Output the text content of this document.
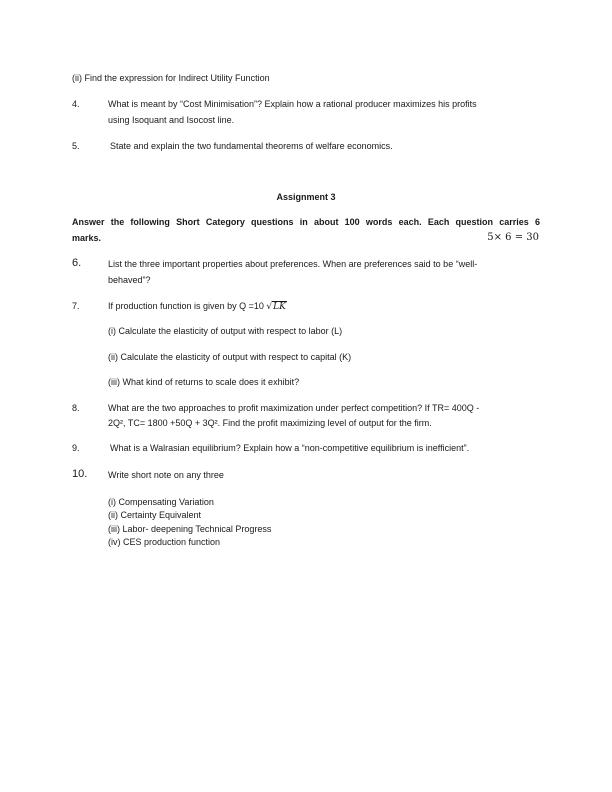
(ii) Find the expression for Indirect Utility Function
4.	What is meant by “Cost Minimisation”? Explain how a rational producer maximizes his profits
using Isoquant and Isocost line.
5.	State and explain the two fundamental theorems of welfare economics.
Assignment 3
Answer the following Short Category questions in about 100 words each. Each question carries 6
marks.	5× 6 = 30
6.	List the three important properties about preferences. When are preferences said to be “well-
behaved”?
7.	If production function is given by Q =10 √LK
(i) Calculate the elasticity of output with respect to labor (L)
(ii) Calculate the elasticity of output with respect to capital (K)
(iii) What kind of returns to scale does it exhibit?
8.	What are the two approaches to profit maximization under perfect competition? If TR= 400Q -
2Q², TC= 1800 +50Q + 3Q². Find the profit maximizing level of output for the firm.
9.	What is a Walrasian equilibrium? Explain how a “non-competitive equilibrium is inefficient”.
10. Write short note on any three
(i) Compensating Variation
(ii) Certainty Equivalent
(iii) Labor- deepening Technical Progress
(iv) CES production function
